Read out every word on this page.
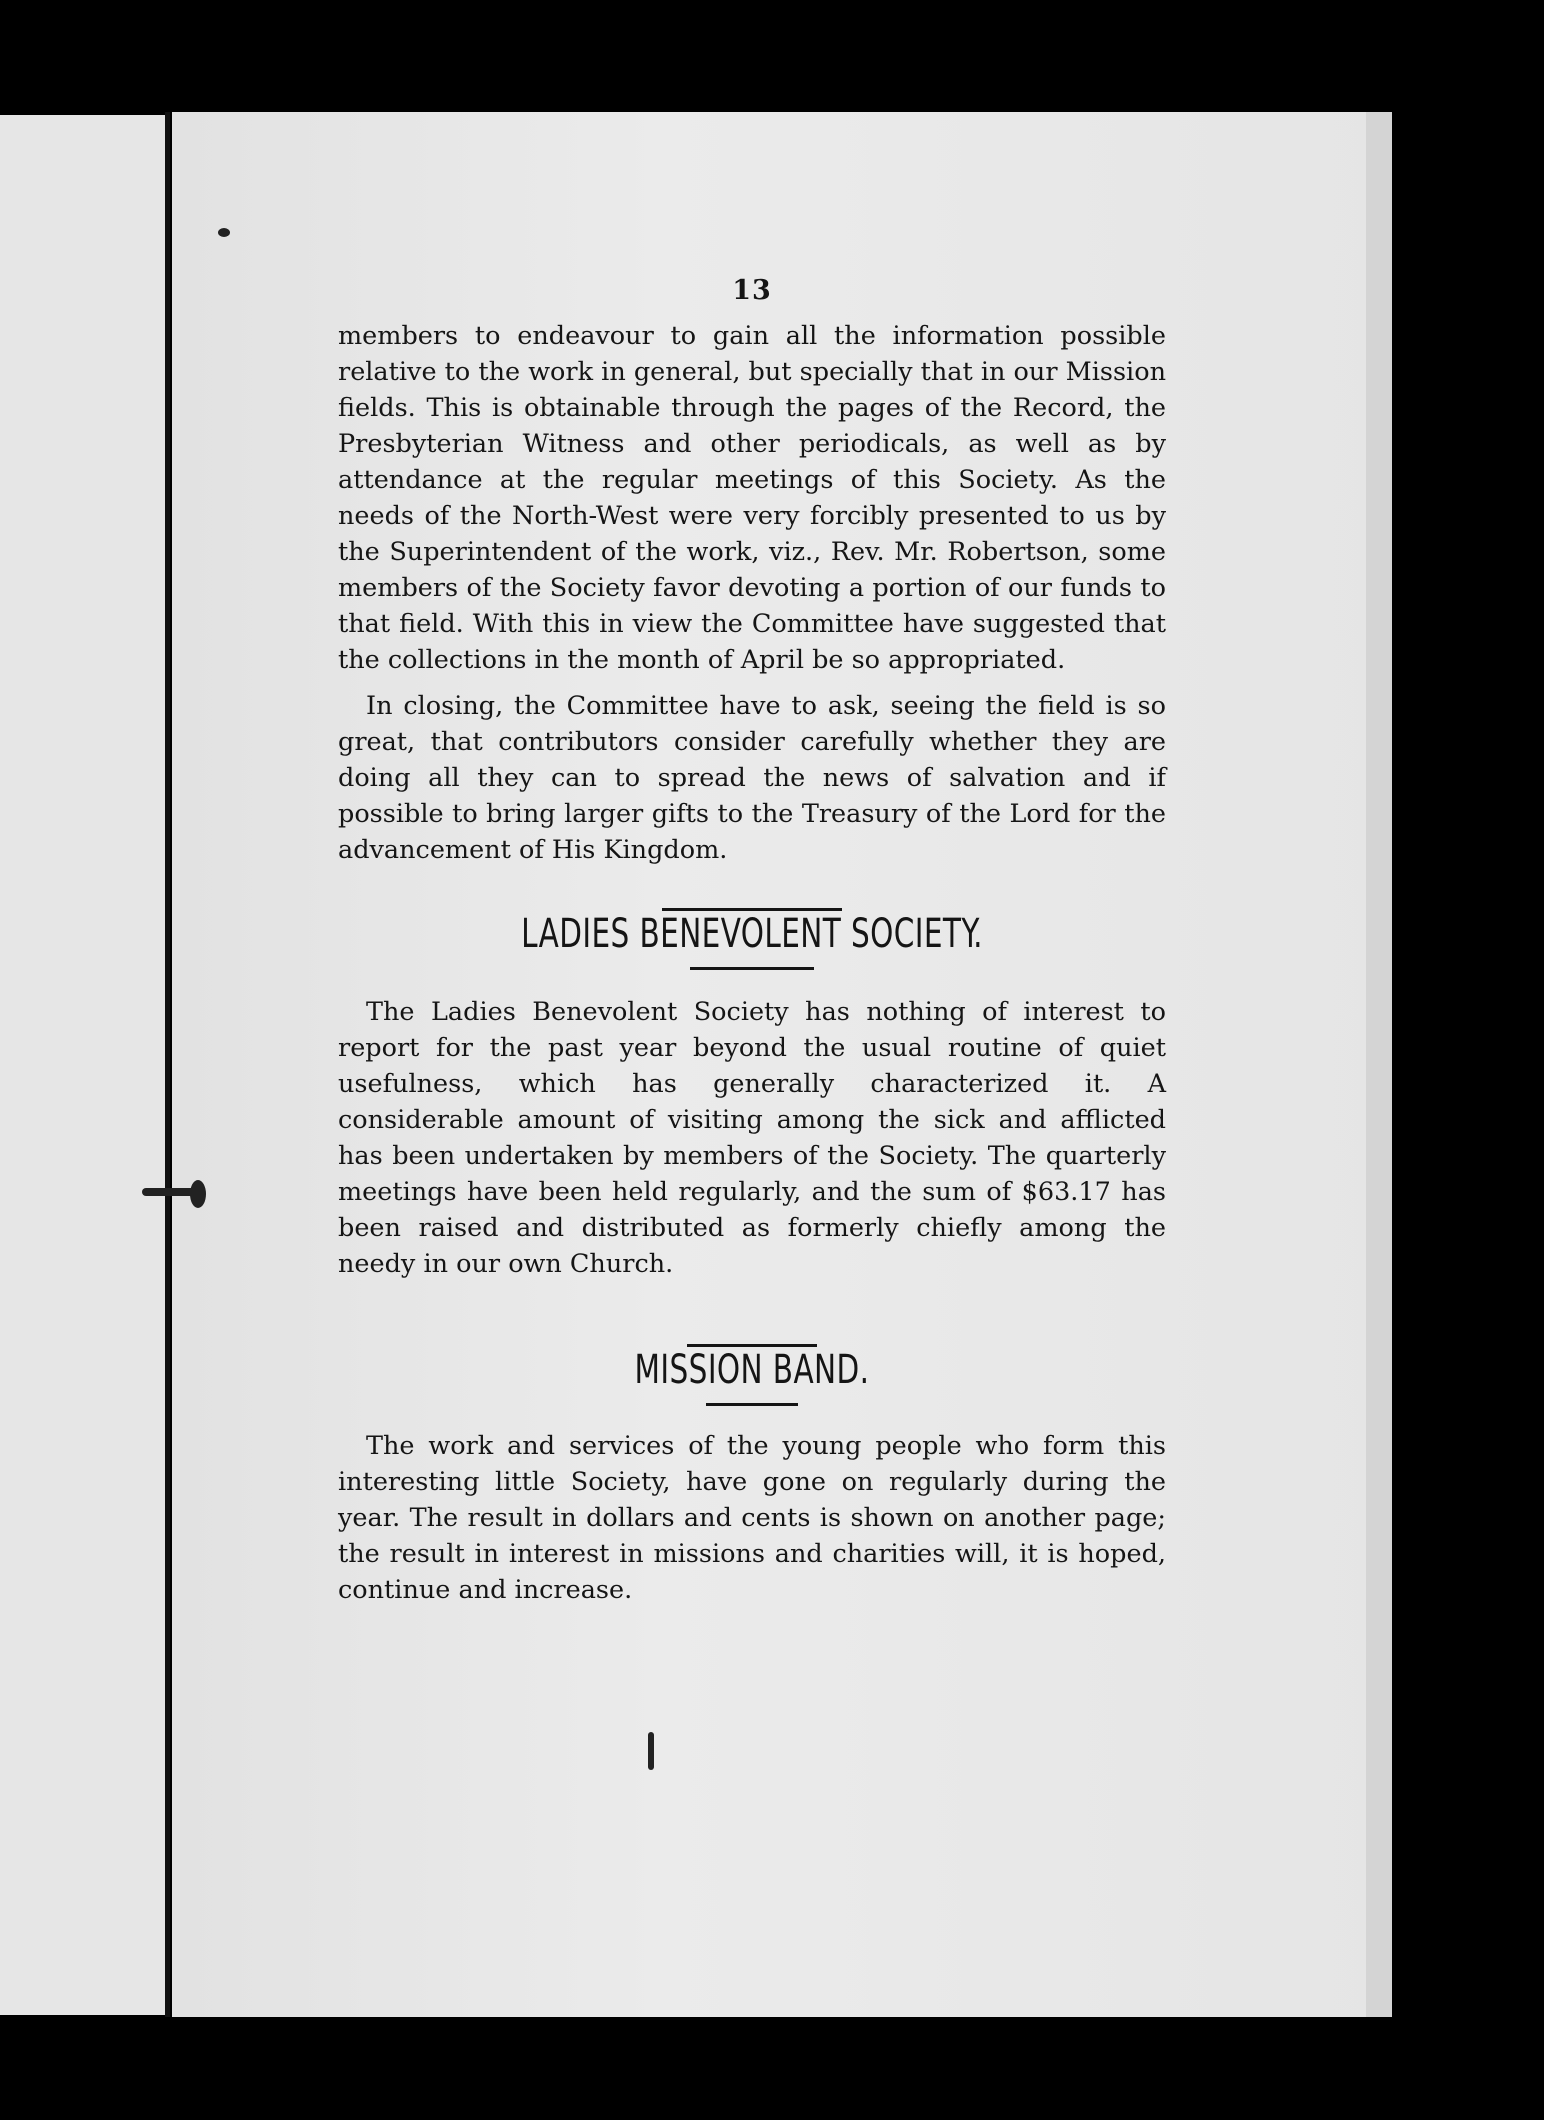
13

members to endeavour to gain all the information possible relative to the work in general, but specially that in our Mission fields. This is obtainable through the pages of the Record, the Presbyterian Witness and other periodicals, as well as by attendance at the regular meetings of this Society. As the needs of the North-West were very forcibly presented to us by the Superintendent of the work, viz., Rev. Mr. Robertson, some members of the Society favor devoting a portion of our funds to that field. With this in view the Committee have suggested that the collections in the month of April be so appropriated.

In closing, the Committee have to ask, seeing the field is so great, that contributors consider carefully whether they are doing all they can to spread the news of salvation and if possible to bring larger gifts to the Treasury of the Lord for the advancement of His Kingdom.

LADIES BENEVOLENT SOCIETY.

The Ladies Benevolent Society has nothing of interest to report for the past year beyond the usual routine of quiet usefulness, which has generally characterized it. A considerable amount of visiting among the sick and afflicted has been undertaken by members of the Society. The quarterly meetings have been held regularly, and the sum of $63.17 has been raised and distributed as formerly chiefly among the needy in our own Church.

MISSION BAND.

The work and services of the young people who form this interesting little Society, have gone on regularly during the year. The result in dollars and cents is shown on another page; the result in interest in missions and charities will, it is hoped, continue and increase.
